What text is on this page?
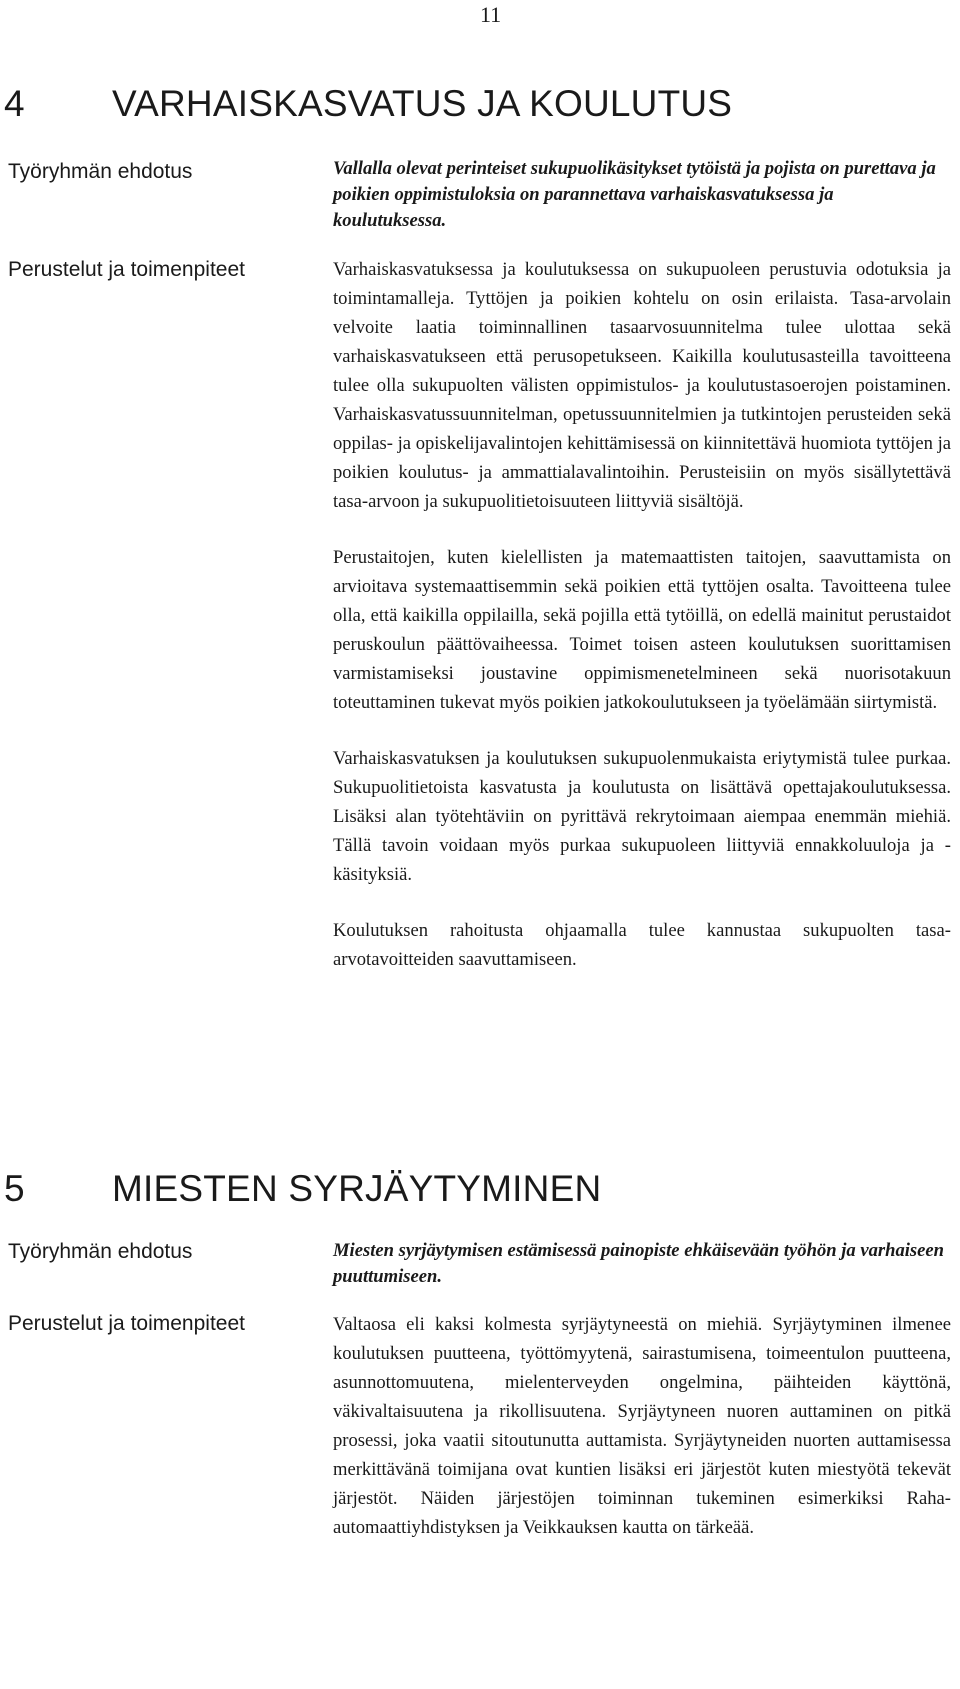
11
4 VARHAISKASVATUS JA KOULUTUS
Työryhmän ehdotus	Vallalla olevat perinteiset sukupuolikäsitykset tytöistä ja pojista on purettava ja poikien oppimistuloksia on parannettava varhaiskasvatuksessa ja koulutuksessa.

Perustelut ja toimenpiteet	Varhaiskasvatuksessa ja koulutuksessa on sukupuoleen perustuvia odotuksia ja toimintamalleja. Tyttöjen ja poikien kohtelu on osin erilaista. Tasa-arvolain velvoite laatia toiminnallinen tasaarvosuunnitelma tulee ulottaa sekä varhaiskasvatukseen että perusopetukseen. Kaikilla koulutusasteilla tavoitteena tulee olla sukupuolten välisten oppimistulos- ja koulutustasoerojen poistaminen. Varhaiskasvatussuunnitelman, opetussuunnitelmien ja tutkintojen perusteiden sekä oppilas- ja opiskelijavalintojen kehittämisessä on kiinnitettävä huomiota tyttöjen ja poikien koulutus- ja ammattialavalintoihin. Perusteisiin on myös sisällytettävä tasa-arvoon ja sukupuolitietoisuuteen liittyviä sisältöjä.

Perustaitojen, kuten kielellisten ja matemaattisten taitojen, saavuttamista on arvioitava systemaattisemmin sekä poikien että tyttöjen osalta. Tavoitteena tulee olla, että kaikilla oppilailla, sekä pojilla että tytöillä, on edellä mainitut perustaidot peruskoulun päättövaiheessa. Toimet toisen asteen koulutuksen suorittamisen varmistamiseksi joustavine oppimismenetelmineen sekä nuorisotakuun toteuttaminen tukevat myös poikien jatkokoulutukseen ja työelämään siirtymistä.

Varhaiskasvatuksen ja koulutuksen sukupuolenmukaista eriytymistä tulee purkaa. Sukupuolitietoista kasvatusta ja koulutusta on lisättävä opettajakoulutuksessa. Lisäksi alan työtehtäviin on pyrittävä rekrytoimaan aiempaa enemmän miehiä. Tällä tavoin voidaan myös purkaa sukupuoleen liittyviä ennakkoluuloja ja -käsityksiä.

Koulutuksen rahoitusta ohjaamalla tulee kannustaa sukupuolten tasa-arvotavoitteiden saavuttamiseen.

5 MIESTEN SYRJÄYTYMINEN
Työryhmän ehdotus	Miesten syrjäytymisen estämisessä painopiste ehkäisevään työhön ja varhaiseen puuttumiseen.

Perustelut ja toimenpiteet	Valtaosa eli kaksi kolmesta syrjäytyneestä on miehiä. Syrjäytyminen ilmenee koulutuksen puutteena, työttömyytenä, sairastumisena, toimeentulon puutteena, asunnottomuutena, mielenterveyden ongelmina, päihteiden käyttönä, väkivaltaisuutena ja rikollisuutena. Syrjäytyneen nuoren auttaminen on pitkä prosessi, joka vaatii sitoutunutta auttamista. Syrjäytyneiden nuorten auttamisessa merkittävänä toimijana ovat kuntien lisäksi eri järjestöt kuten miestyötä tekevät järjestöt. Näiden järjestöjen toiminnan tukeminen esimerkiksi Rahaautomaattiyhdistyksen ja Veikkauksen kautta on tärkeää.
